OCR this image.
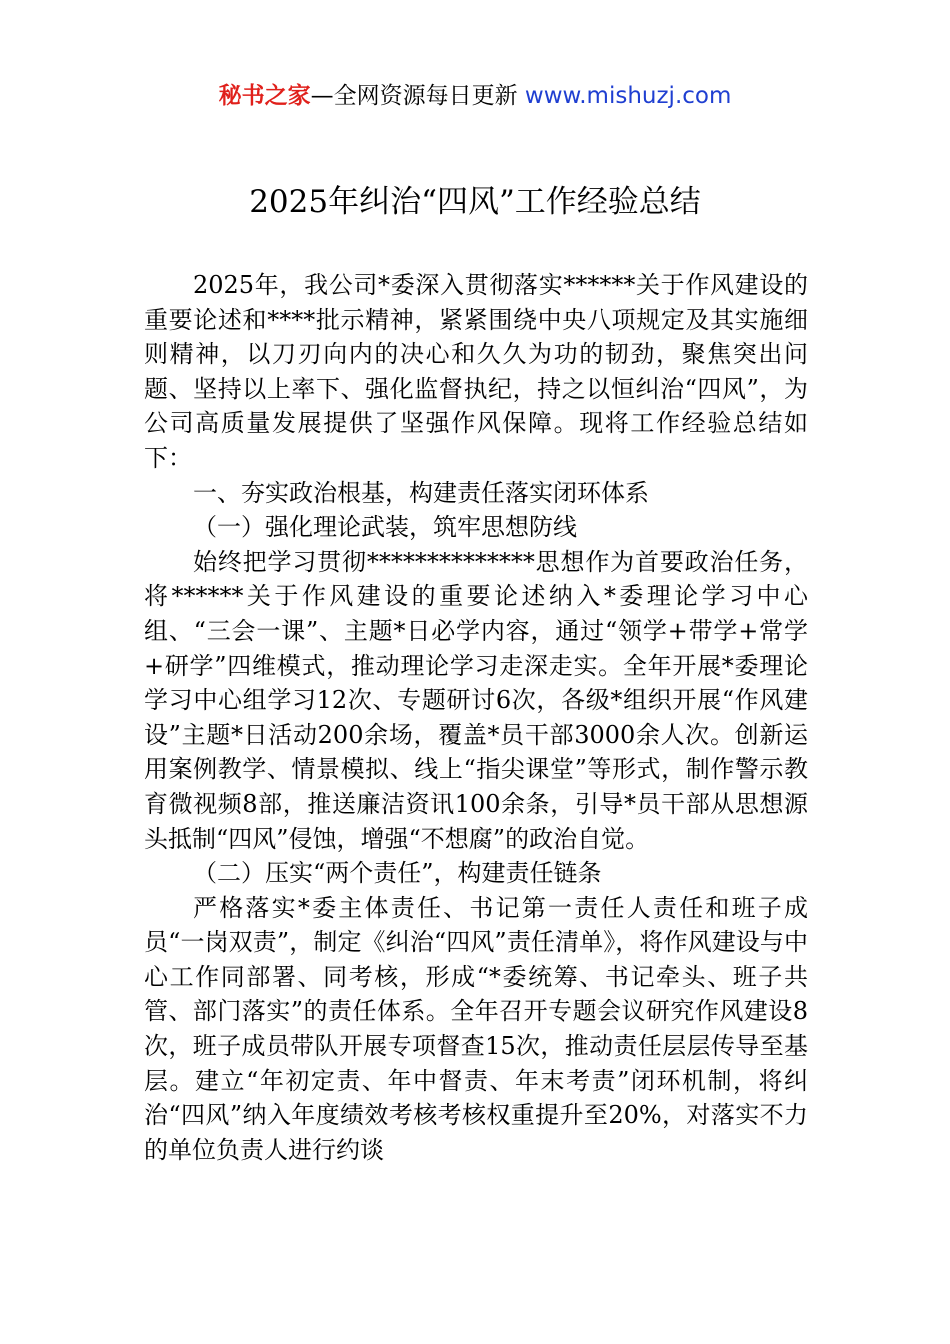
秘书之家—全网资源每日更新 www.mishuzj.com
2025年纠治“四风”工作经验总结

2025年，我公司*委深入贯彻落实******关于作风建设的重要论述和****批示精神，紧紧围绕中央八项规定及其实施细则精神，以刀刃向内的决心和久久为功的韧劲，聚焦突出问题、坚持以上率下、强化监督执纪，持之以恒纠治“四风”，为公司高质量发展提供了坚强作风保障。现将工作经验总结如下：

一、夯实政治根基，构建责任落实闭环体系

（一）强化理论武装，筑牢思想防线

始终把学习贯彻**************思想作为首要政治任务，将******关于作风建设的重要论述纳入*委理论学习中心组、“三会一课”、主题*日必学内容，通过“领学+带学+常学+研学”四维模式，推动理论学习走深走实。全年开展*委理论学习中心组学习12次、专题研讨6次，各级*组织开展“作风建设”主题*日活动200余场，覆盖*员干部3000余人次。创新运用案例教学、情景模拟、线上“指尖课堂”等形式，制作警示教育微视频8部，推送廉洁资讯100余条，引导*员干部从思想源头抵制“四风”侵蚀，增强“不想腐”的政治自觉。

（二）压实“两个责任”，构建责任链条

严格落实*委主体责任、书记第一责任人责任和班子成员“一岗双责”，制定《纠治“四风”责任清单》，将作风建设与中心工作同部署、同考核，形成“*委统筹、书记牵头、班子共管、部门落实”的责任体系。全年召开专题会议研究作风建设8次，班子成员带队开展专项督查15次，推动责任层层传导至基层。建立“年初定责、年中督责、年末考责”闭环机制，将纠治“四风”纳入年度绩效考核考核权重提升至20%，对落实不力的单位负责人进行约谈
